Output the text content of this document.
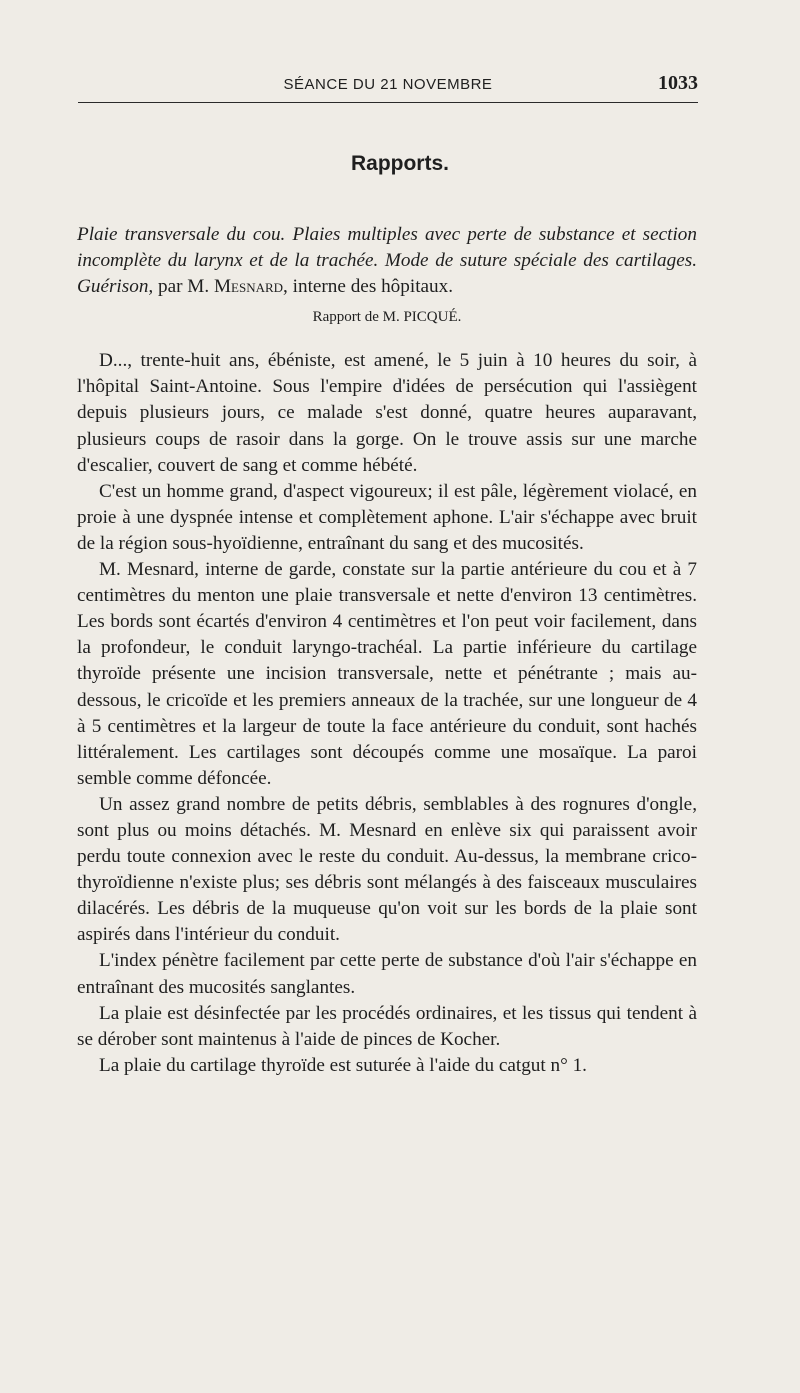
SÉANCE DU 21 NOVEMBRE	1033
Rapports.

Plaie transversale du cou. Plaies multiples avec perte de substance et section incomplète du larynx et de la trachée. Mode de suture spéciale des cartilages. Guérison, par M. Mesnard, interne des hôpitaux.

Rapport de M. PICQUÉ.

D..., trente-huit ans, ébéniste, est amené, le 5 juin à 10 heures du soir, à l'hôpital Saint-Antoine. Sous l'empire d'idées de persécution qui l'assiègent depuis plusieurs jours, ce malade s'est donné, quatre heures auparavant, plusieurs coups de rasoir dans la gorge. On le trouve assis sur une marche d'escalier, couvert de sang et comme hébété.

C'est un homme grand, d'aspect vigoureux; il est pâle, légèrement violacé, en proie à une dyspnée intense et complètement aphone. L'air s'échappe avec bruit de la région sous-hyoïdienne, entraînant du sang et des mucosités.

M. Mesnard, interne de garde, constate sur la partie antérieure du cou et à 7 centimètres du menton une plaie transversale et nette d'environ 13 centimètres. Les bords sont écartés d'environ 4 centimètres et l'on peut voir facilement, dans la profondeur, le conduit laryngo-trachéal. La partie inférieure du cartilage thyroïde présente une incision transversale, nette et pénétrante ; mais au-dessous, le cricoïde et les premiers anneaux de la trachée, sur une longueur de 4 à 5 centimètres et la largeur de toute la face antérieure du conduit, sont hachés littéralement. Les cartilages sont découpés comme une mosaïque. La paroi semble comme défoncée.

Un assez grand nombre de petits débris, semblables à des rognures d'ongle, sont plus ou moins détachés. M. Mesnard en enlève six qui paraissent avoir perdu toute connexion avec le reste du conduit. Au-dessus, la membrane crico-thyroïdienne n'existe plus; ses débris sont mélangés à des faisceaux musculaires dilacérés. Les débris de la muqueuse qu'on voit sur les bords de la plaie sont aspirés dans l'intérieur du conduit.

L'index pénètre facilement par cette perte de substance d'où l'air s'échappe en entraînant des mucosités sanglantes.

La plaie est désinfectée par les procédés ordinaires, et les tissus qui tendent à se dérober sont maintenus à l'aide de pinces de Kocher.

La plaie du cartilage thyroïde est suturée à l'aide du catgut n° 1.
